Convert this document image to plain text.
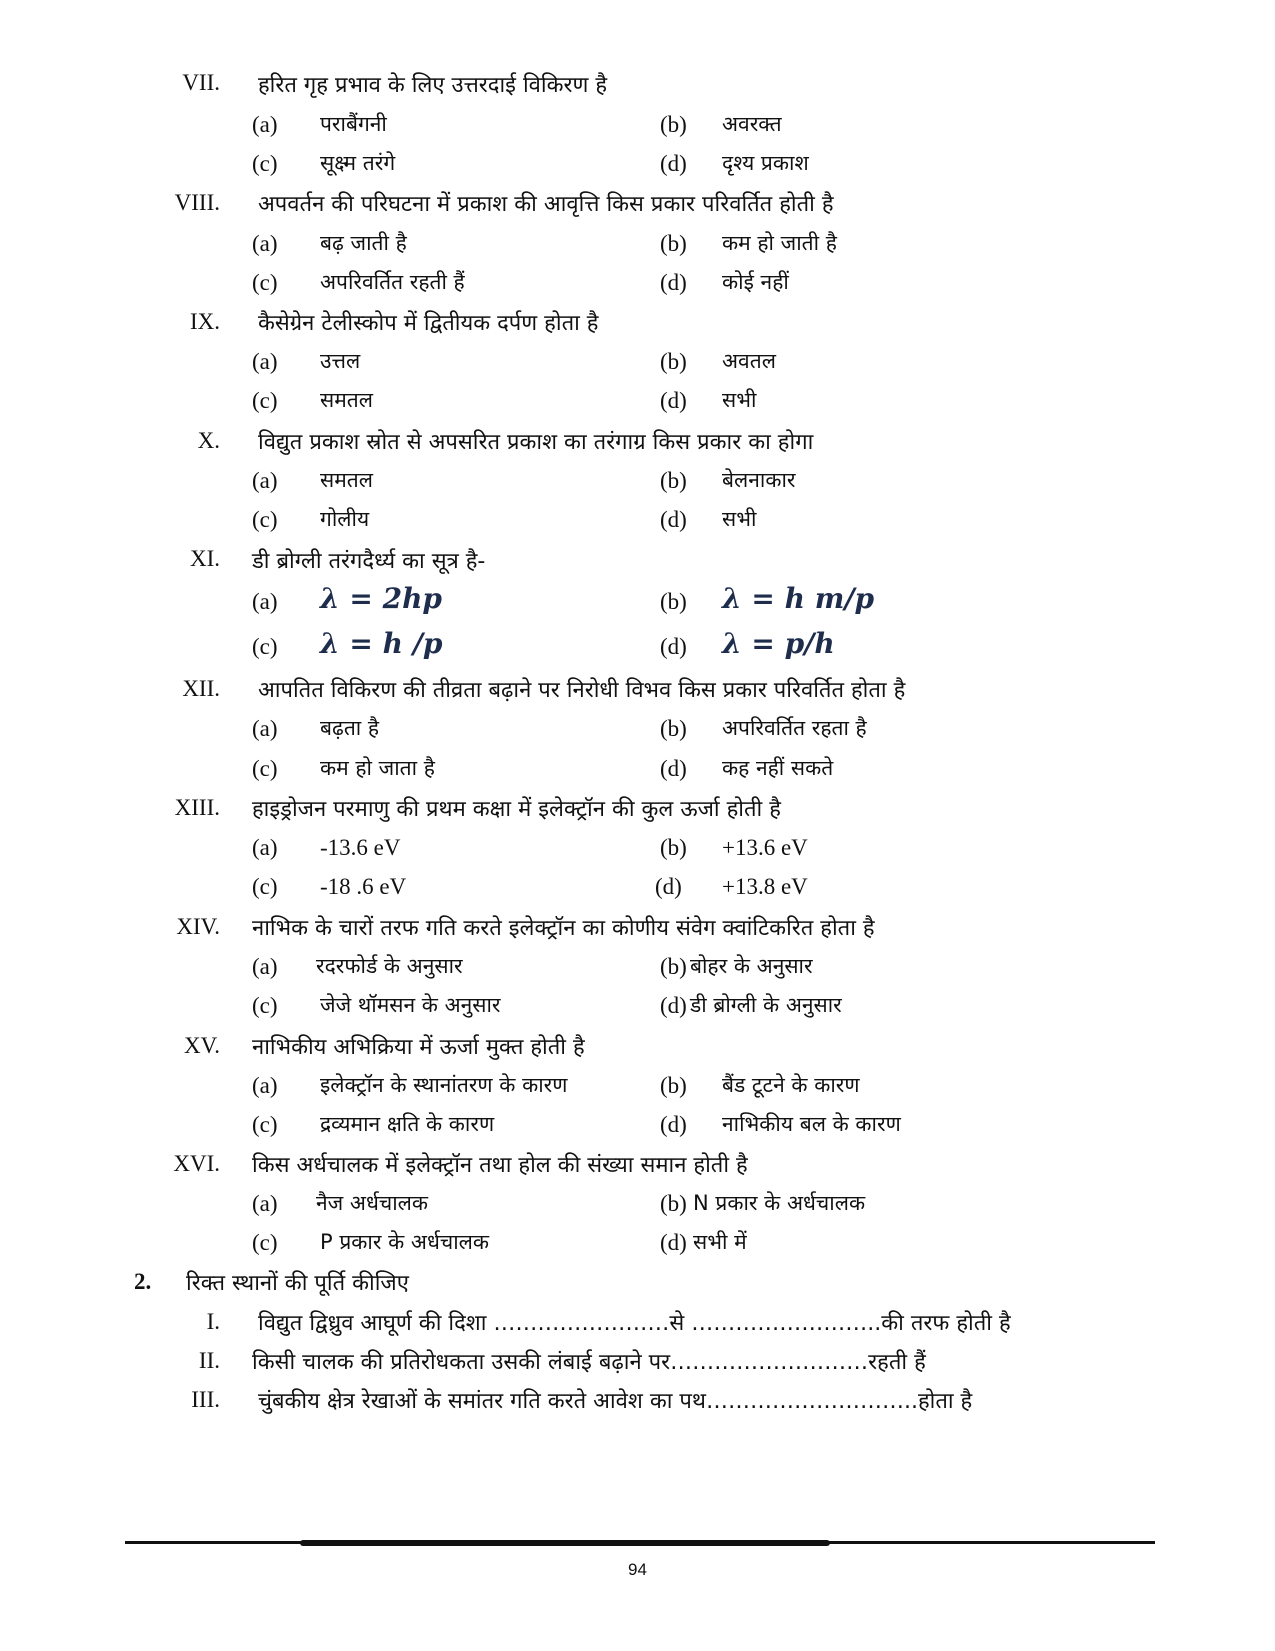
VII. हरित गृह प्रभाव के लिए उत्तरदाई विकिरण है
(a) पराबैंगनी	(b) अवरक्त
(c) सूक्ष्म तरंगे	(d) दृश्य प्रकाश
VIII. अपवर्तन की परिघटना में प्रकाश की आवृत्ति किस प्रकार परिवर्तित होती है
(a) बढ़ जाती है	(b) कम हो जाती है
(c) अपरिवर्तित रहती हैं	(d) कोई नहीं
IX. कैसेग्रेन टेलीस्कोप में द्वितीयक दर्पण होता है
(a) उत्तल	(b) अवतल
(c) समतल	(d) सभी
X. विद्युत प्रकाश स्रोत से अपसरित प्रकाश का तरंगाग्र किस प्रकार का होगा
(a) समतल	(b) बेलनाकार
(c) गोलीय	(d) सभी
XI. डी ब्रोग्ली तरंगदैर्ध्य का सूत्र है-
(a) λ = 2hp	(b) λ = h m/p
(c) λ = h /p	(d) λ = p/h
XII. आपतित विकिरण की तीव्रता बढ़ाने पर निरोधी विभव किस प्रकार परिवर्तित होता है
(a) बढ़ता है	(b) अपरिवर्तित रहता है
(c) कम हो जाता है	(d) कह नहीं सकते
XIII. हाइड्रोजन परमाणु की प्रथम कक्षा में इलेक्ट्रॉन की कुल ऊर्जा होती है
(a) -13.6 eV	(b) +13.6 eV
(c) -18 .6 eV	(d) +13.8 eV
XIV. नाभिक के चारों तरफ गति करते इलेक्ट्रॉन का कोणीय संवेग क्वांटिकरित होता है
(a) रदरफोर्ड के अनुसार	(b) बोहर के अनुसार
(c) जेजे थॉमसन के अनुसार	(d) डी ब्रोग्ली के अनुसार
XV. नाभिकीय अभिक्रिया में ऊर्जा मुक्त होती है
(a) इलेक्ट्रॉन के स्थानांतरण के कारण	(b) बैंड टूटने के कारण
(c) द्रव्यमान क्षति के कारण	(d) नाभिकीय बल के कारण
XVI. किस अर्धचालक में इलेक्ट्रॉन तथा होल की संख्या समान होती है
(a) नैज अर्धचालक	(b) N प्रकार के अर्धचालक
(c) P प्रकार के अर्धचालक	(d) सभी में
2. रिक्त स्थानों की पूर्ति कीजिए
I. विद्युत द्विध्रुव आघूर्ण की दिशा ……………………से ……………………..की तरफ होती है
II. किसी चालक की प्रतिरोधकता उसकी लंबाई बढ़ाने पर………………………रहती हैं
III. चुंबकीय क्षेत्र रेखाओं के समांतर गति करते आवेश का पथ………………………..होता है
94
